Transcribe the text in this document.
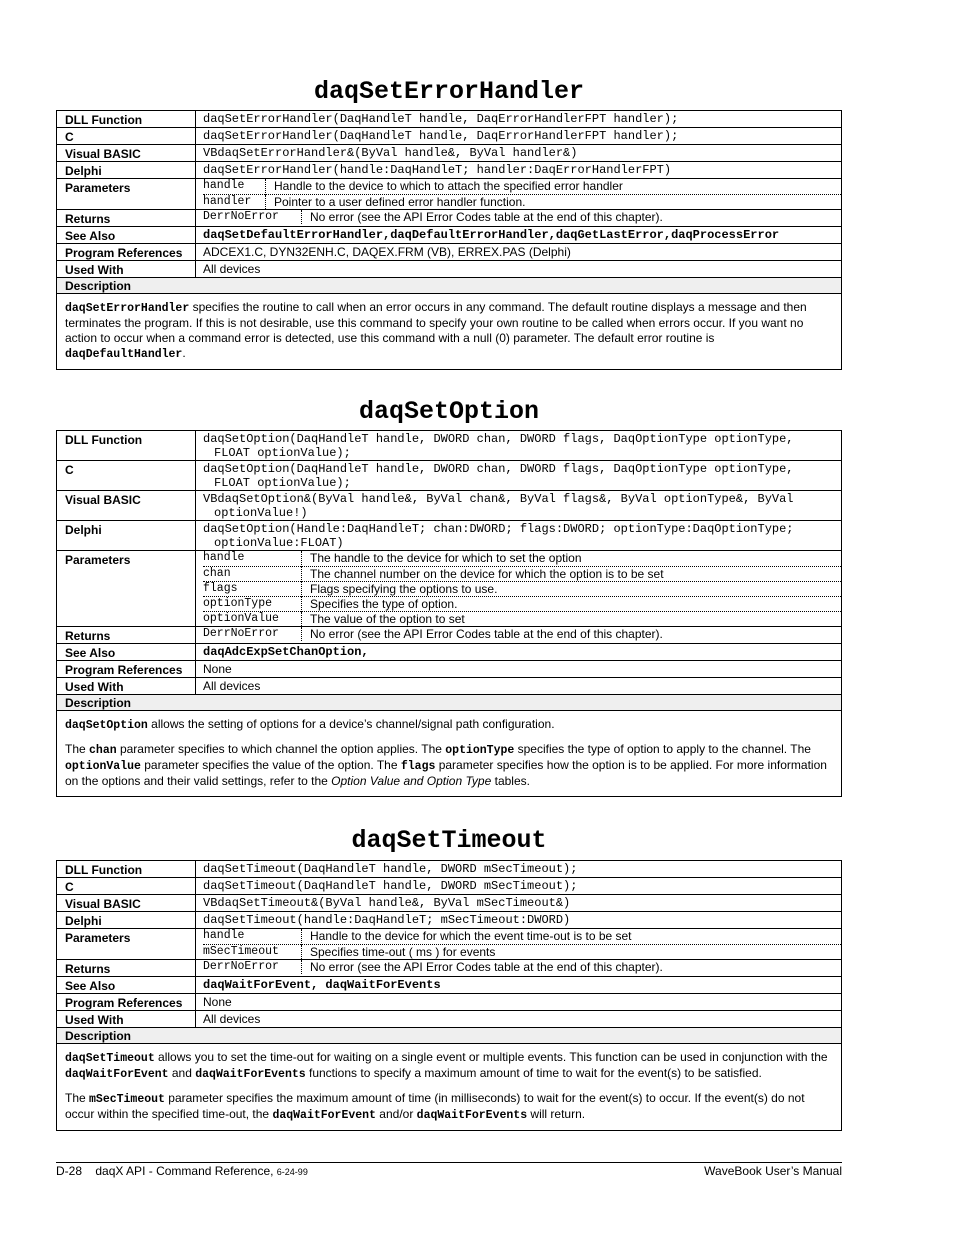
daqSetErrorHandler
DLL Function	daqSetErrorHandler(DaqHandleT handle, DaqErrorHandlerFPT handler);
C	daqSetErrorHandler(DaqHandleT handle, DaqErrorHandlerFPT handler);
Visual BASIC	VBdaqSetErrorHandler&(ByVal handle&, ByVal handler&)
Delphi	daqSetErrorHandler(handle:DaqHandleT; handler:DaqErrorHandlerFPT)
Parameters		handle	Handle to the device to which to attach the specified error handler
handler	Pointer to a user defined error handler function.

Returns		DerrNoError	No error (see the API Error Codes table at the end of this chapter).

See Also	daqSetDefaultErrorHandler,daqDefaultErrorHandler,daqGetLastError,daqProcessError
Program References	ADCEX1.C, DYN32ENH.C, DAQEX.FRM (VB), ERREX.PAS (Delphi)
Used With	All devices
Description

daqSetErrorHandler specifies the routine to call when an error occurs in any command. The default routine displays a message and then terminates the program. If this is not desirable, use this command to specify your own routine to be called when errors occur. If you want no action to occur when a command error is detected, use this command with a null (0) parameter. The default error routine is daqDefaultHandler.

daqSetOption
DLL Function	daqSetOption(DaqHandleT handle, DWORD chan, DWORD flags, DaqOptionType optionType,
FLOAT optionValue);

C	daqSetOption(DaqHandleT handle, DWORD chan, DWORD flags, DaqOptionType optionType,
FLOAT optionValue);

Visual BASIC	VBdaqSetOption&(ByVal handle&, ByVal chan&, ByVal flags&, ByVal optionType&, ByVal
optionValue!)

Delphi	daqSetOption(Handle:DaqHandleT; chan:DWORD; flags:DWORD; optionType:DaqOptionType;
optionValue:FLOAT)

Parameters		handle	The handle to the device for which to set the option
chan	The channel number on the device for which the option is to be set
flags	Flags specifying the options to use.
optionType	Specifies the type of option.
optionValue	The value of the option to set

Returns		DerrNoError	No error (see the API Error Codes table at the end of this chapter).

See Also	daqAdcExpSetChanOption,
Program References	None
Used With	All devices
Description

daqSetOption allows the setting of options for a device’s channel/signal path configuration.

The chan parameter specifies to which channel the option applies. The optionType specifies the type of option to apply to the channel. The optionValue parameter specifies the value of the option. The flags parameter specifies how the option is to be applied. For more information on the options and their valid settings, refer to the Option Value and Option Type tables.

daqSetTimeout
DLL Function	daqSetTimeout(DaqHandleT handle, DWORD mSecTimeout);
C	daqSetTimeout(DaqHandleT handle, DWORD mSecTimeout);
Visual BASIC	VBdaqSetTimeout&(ByVal handle&, ByVal mSecTimeout&)
Delphi	daqSetTimeout(handle:DaqHandleT; mSecTimeout:DWORD)
Parameters		handle	Handle to the device for which the event time-out is to be set
mSecTimeout	Specifies time-out ( ms ) for events

Returns		DerrNoError	No error (see the API Error Codes table at the end of this chapter).

See Also	daqWaitForEvent, daqWaitForEvents
Program References	None
Used With	All devices
Description

daqSetTimeout allows you to set the time-out for waiting on a single event or multiple events. This function can be used in conjunction with the daqWaitForEvent and daqWaitForEvents functions to specify a maximum amount of time to wait for the event(s) to be satisfied.

The mSecTimeout parameter specifies the maximum amount of time (in milliseconds) to wait for the event(s) to occur. If the event(s) do not occur within the specified time-out, the daqWaitForEvent and/or daqWaitForEvents will return.

D-28 daqX API - Command Reference, 6-24-99	WaveBook User’s Manual
